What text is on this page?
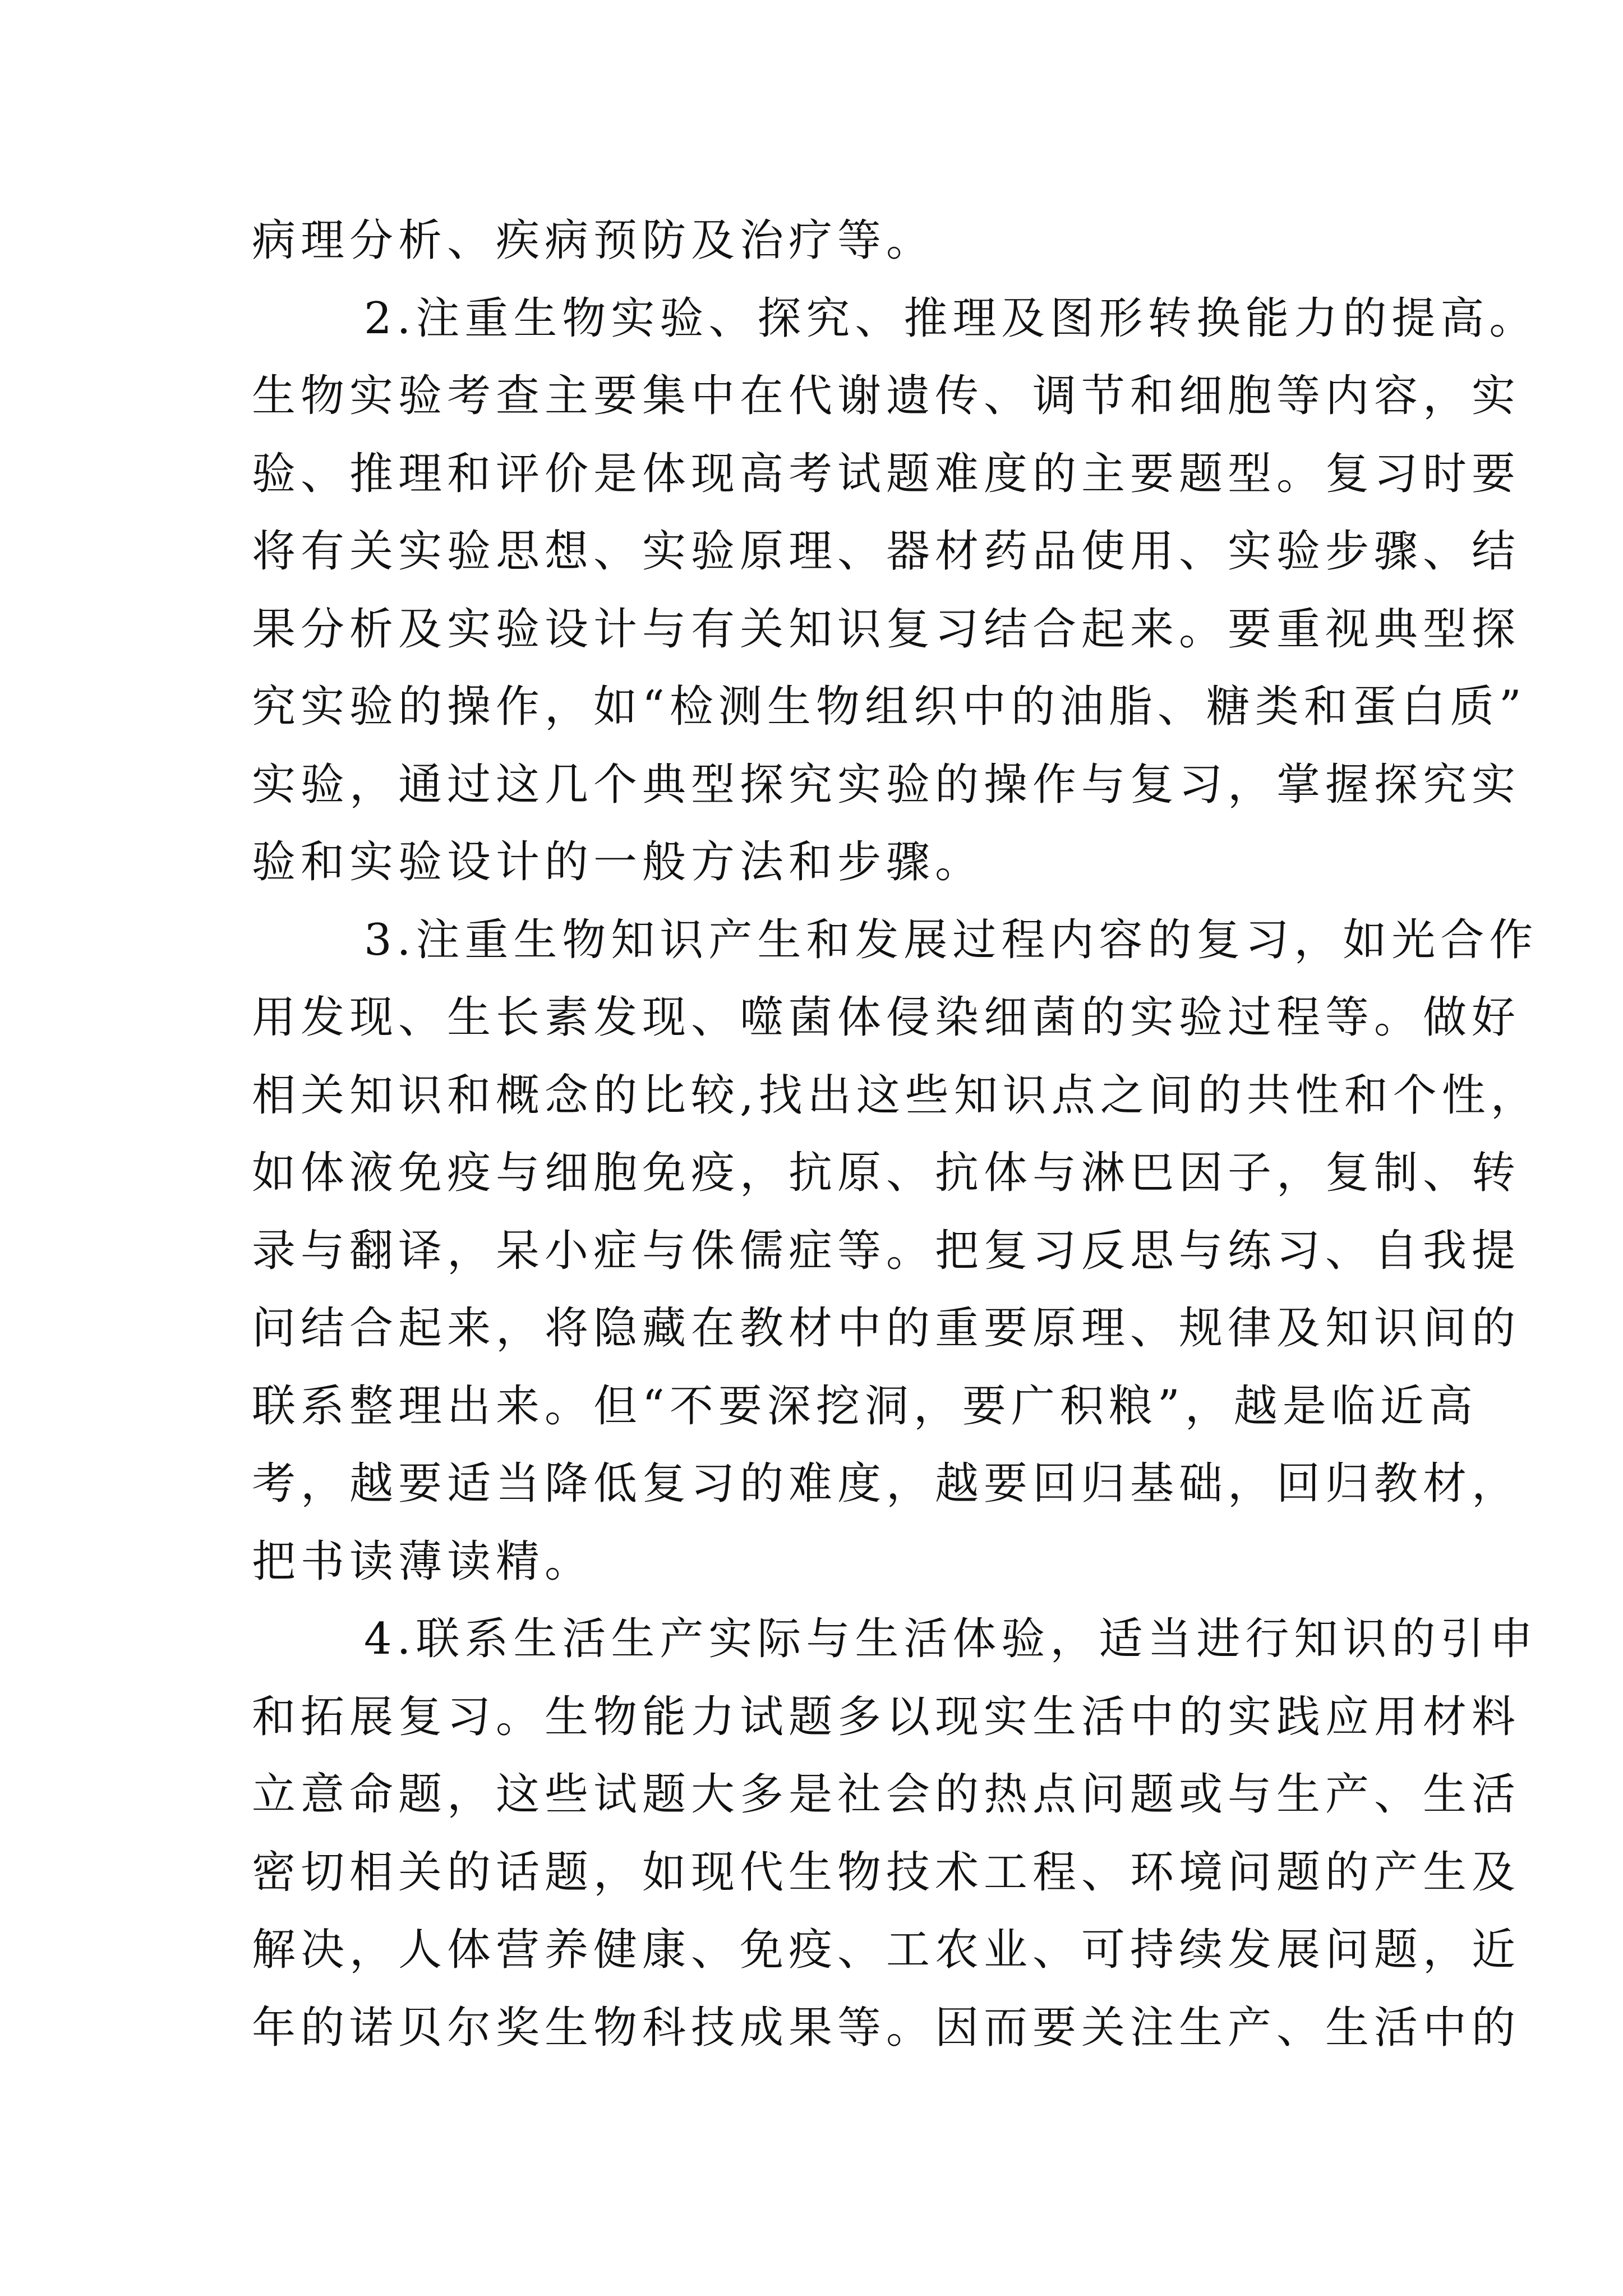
病理分析、疾病预防及治疗等。
2.注重生物实验、探究、推理及图形转换能力的提高。
生物实验考查主要集中在代谢遗传、调节和细胞等内容，实
验、推理和评价是体现高考试题难度的主要题型。复习时要
将有关实验思想、实验原理、器材药品使用、实验步骤、结
果分析及实验设计与有关知识复习结合起来。要重视典型探
究实验的操作，如“检测生物组织中的油脂、糖类和蛋白质”
实验，通过这几个典型探究实验的操作与复习，掌握探究实
验和实验设计的一般方法和步骤。
3.注重生物知识产生和发展过程内容的复习，如光合作
用发现、生长素发现、噬菌体侵染细菌的实验过程等。做好
相关知识和概念的比较,找出这些知识点之间的共性和个性，
如体液免疫与细胞免疫，抗原、抗体与淋巴因子，复制、转
录与翻译，呆小症与侏儒症等。把复习反思与练习、自我提
问结合起来，将隐藏在教材中的重要原理、规律及知识间的
联系整理出来。但“不要深挖洞，要广积粮”，越是临近高
考，越要适当降低复习的难度，越要回归基础，回归教材，
把书读薄读精。
4.联系生活生产实际与生活体验，适当进行知识的引申
和拓展复习。生物能力试题多以现实生活中的实践应用材料
立意命题，这些试题大多是社会的热点问题或与生产、生活
密切相关的话题，如现代生物技术工程、环境问题的产生及
解决，人体营养健康、免疫、工农业、可持续发展问题，近
年的诺贝尔奖生物科技成果等。因而要关注生产、生活中的
